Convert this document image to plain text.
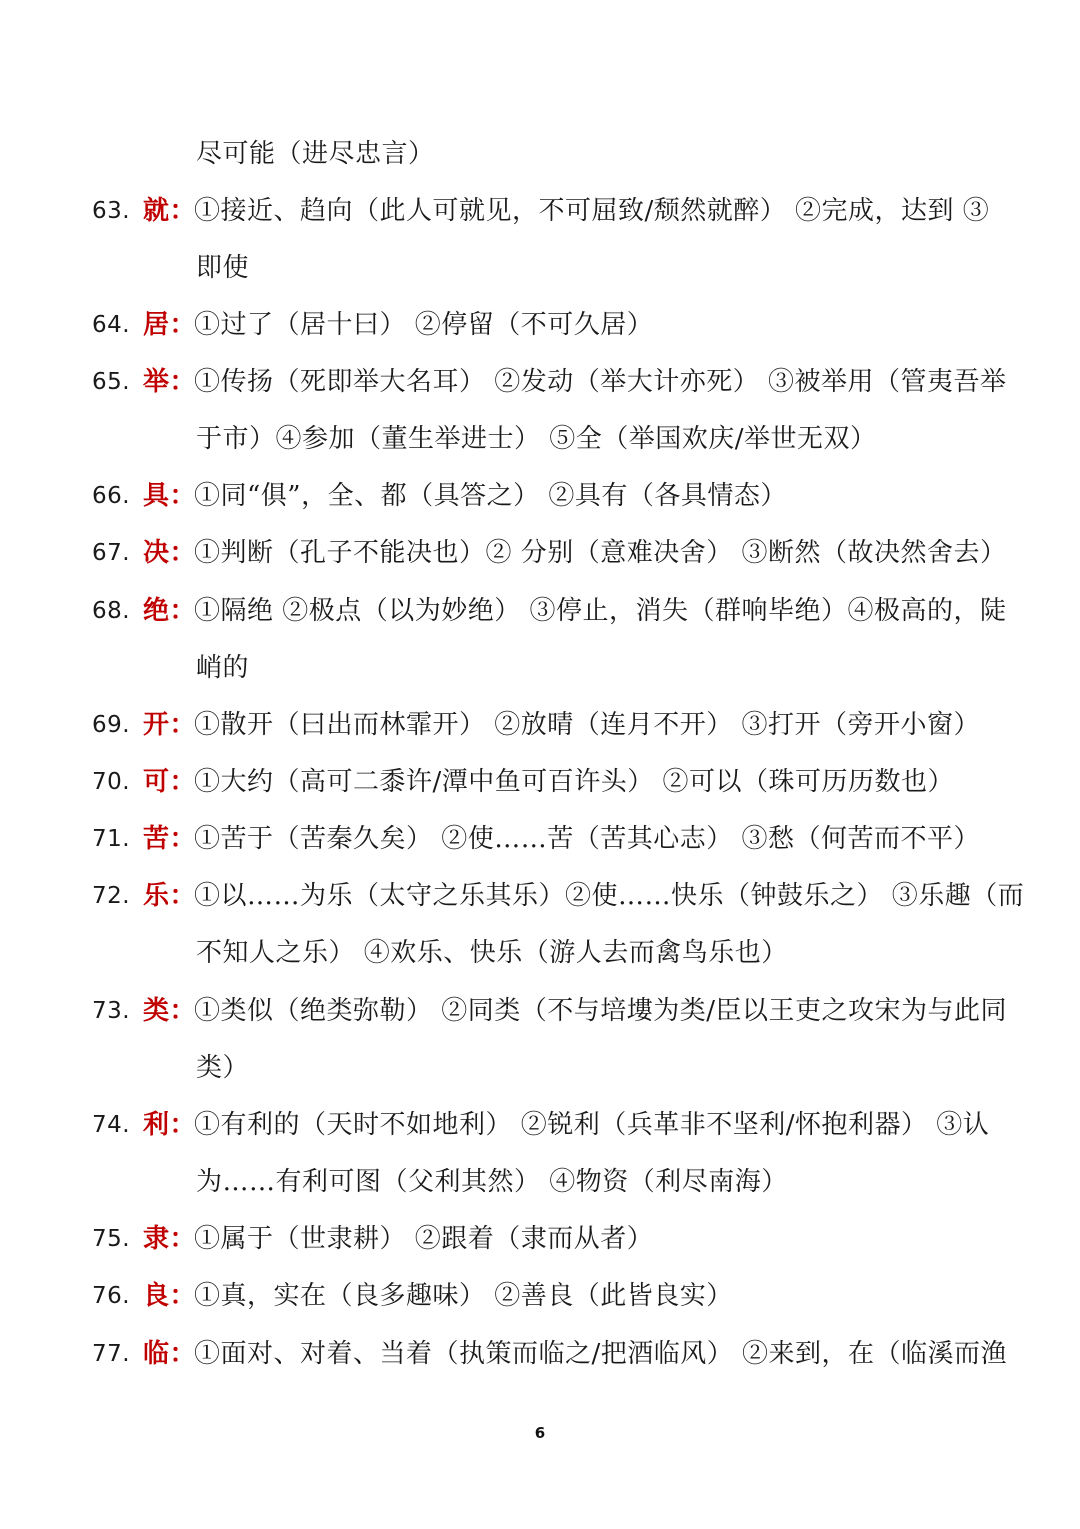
尽可能（进尽忠言）
63. 就：
①接近、趋向（此人可就见，不可屈致/颓然就醉） ②完成，达到 ③
即使
64. 居：
①过了（居十曰） ②停留（不可久居）
65. 举：
①传扬（死即举大名耳） ②发动（举大计亦死） ③被举用（管夷吾举
于市）④参加（董生举进士） ⑤全（举国欢庆/举世无双）
66. 具：
①同“俱”，全、都（具答之） ②具有（各具情态）
67. 决：
①判断（孔子不能决也）② 分别（意难决舍） ③断然（故决然舍去）
68. 绝：
①隔绝 ②极点（以为妙绝） ③停止，消失（群响毕绝）④极高的，陡
峭的
69. 开：
①散开（曰出而林霏开） ②放晴（连月不开） ③打开（旁开小窗）
70. 可：
①大约（高可二黍许/潭中鱼可百许头） ②可以（珠可历历数也）
71. 苦：
①苦于（苦秦久矣） ②使……苦（苦其心志） ③愁（何苦而不平）
72. 乐：
①以……为乐（太守之乐其乐）②使……快乐（钟鼓乐之） ③乐趣（而
不知人之乐） ④欢乐、快乐（游人去而禽鸟乐也）
73. 类：
①类似（绝类弥勒） ②同类（不与培塿为类/臣以王吏之攻宋为与此同
类）
74. 利：
①有利的（天时不如地利） ②锐利（兵革非不坚利/怀抱利器） ③认
为……有利可图（父利其然） ④物资（利尽南海）
75. 隶：
①属于（世隶耕） ②跟着（隶而从者）
76. 良：
①真，实在（良多趣味） ②善良（此皆良实）
77. 临：
①面对、对着、当着（执策而临之/把酒临风） ②来到，在（临溪而渔
6
